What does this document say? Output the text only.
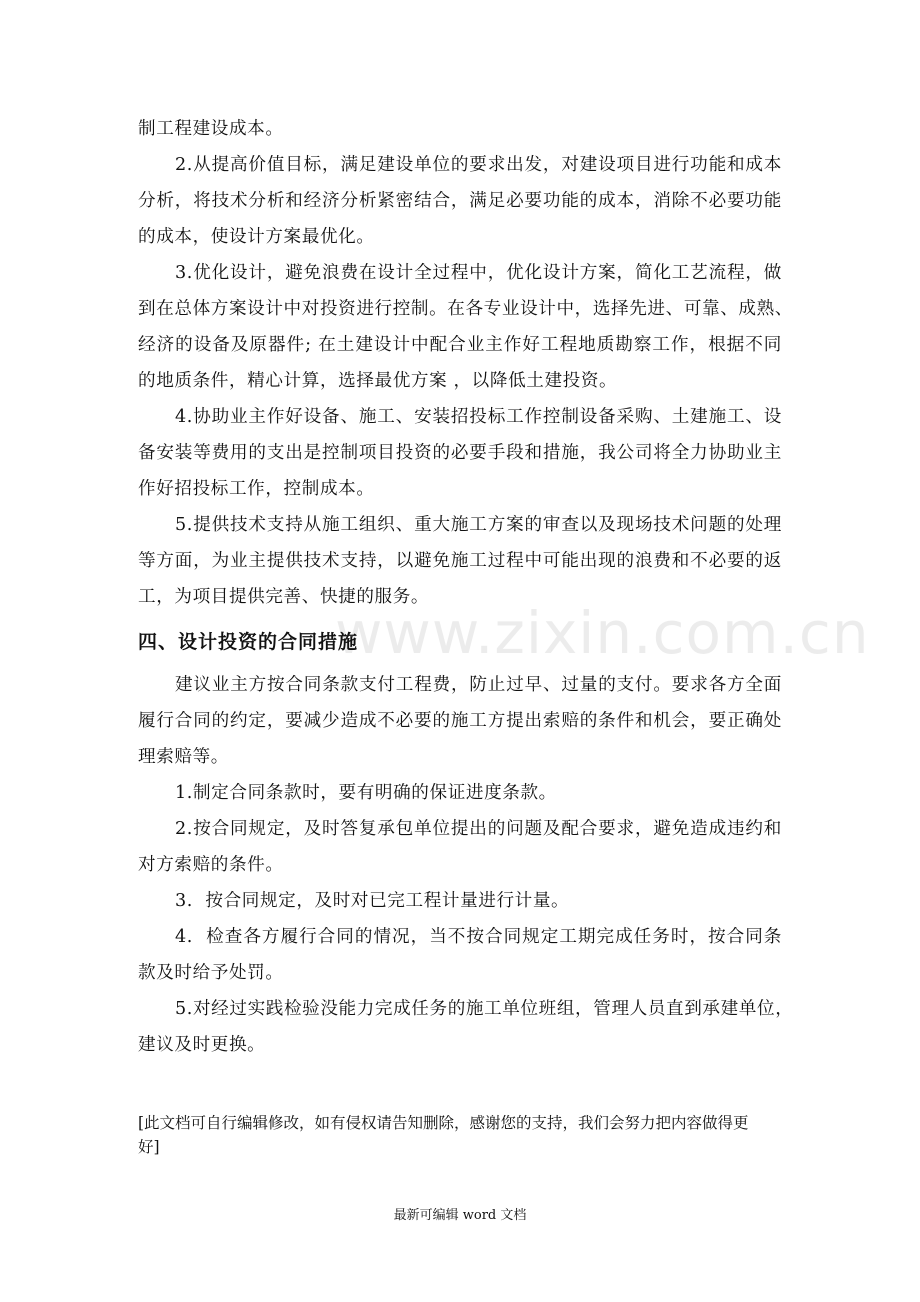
www.zixin.com.cn
制工程建设成本。
2.从提高价值目标，满足建设单位的要求出发，对建设项目进行功能和成本
分析，将技术分析和经济分析紧密结合，满足必要功能的成本，消除不必要功能
的成本，使设计方案最优化。
3.优化设计，避免浪费在设计全过程中，优化设计方案，简化工艺流程，做
到在总体方案设计中对投资进行控制。在各专业设计中，选择先进、可靠、成熟、
经济的设备及原器件; 在土建设计中配合业主作好工程地质勘察工作，根据不同
的地质条件，精心计算，选择最优方案 ，以降低土建投资。
4.协助业主作好设备、施工、安装招投标工作控制设备采购、土建施工、设
备安装等费用的支出是控制项目投资的必要手段和措施，我公司将全力协助业主
作好招投标工作，控制成本。
5.提供技术支持从施工组织、重大施工方案的审查以及现场技术问题的处理
等方面，为业主提供技术支持，以避免施工过程中可能出现的浪费和不必要的返
工，为项目提供完善、快捷的服务。
四、设计投资的合同措施
建议业主方按合同条款支付工程费，防止过早、过量的支付。要求各方全面
履行合同的约定，要减少造成不必要的施工方提出索赔的条件和机会，要正确处
理索赔等。
1.制定合同条款时，要有明确的保证进度条款。
2.按合同规定，及时答复承包单位提出的问题及配合要求，避免造成违约和
对方索赔的条件。
3.  按合同规定，及时对已完工程计量进行计量。
4.  检查各方履行合同的情况，当不按合同规定工期完成任务时，按合同条
款及时给予处罚。
5.对经过实践检验没能力完成任务的施工单位班组，管理人员直到承建单位，
建议及时更换。
[此文档可自行编辑修改，如有侵权请告知删除，感谢您的支持，我们会努力把内容做得更
好]
最新可编辑 word 文档
